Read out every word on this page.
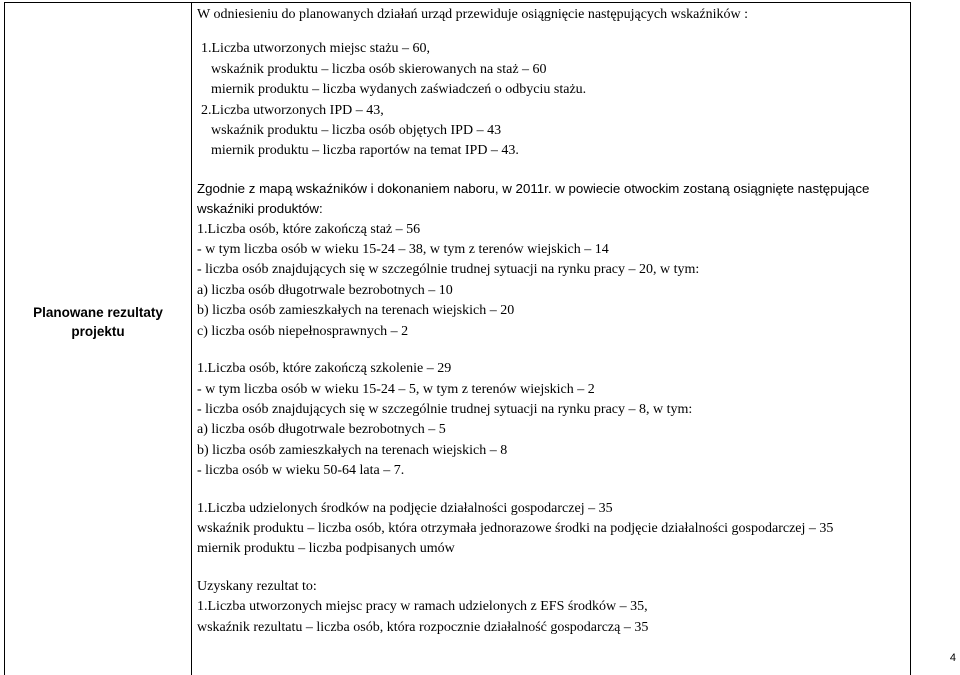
Planowane rezultaty
projektu
W odniesieniu do planowanych działań urząd przewiduje osiągnięcie następujących wskaźników :
1.Liczba utworzonych miejsc stażu – 60,
wskaźnik produktu – liczba osób skierowanych na staż – 60
miernik produktu – liczba wydanych zaświadczeń o odbyciu stażu.
2.Liczba utworzonych IPD – 43,
wskaźnik produktu – liczba osób objętych IPD – 43
miernik produktu – liczba raportów na temat IPD – 43.
Zgodnie z mapą wskaźników i dokonaniem naboru, w 2011r. w powiecie otwockim zostaną osiągnięte następujące
wskaźniki produktów:
1.Liczba osób, które zakończą staż – 56
- w tym liczba osób w wieku 15-24 – 38, w tym z terenów wiejskich – 14
- liczba osób znajdujących się w szczególnie trudnej sytuacji na rynku pracy – 20, w tym:
a) liczba osób długotrwale bezrobotnych – 10
b) liczba osób zamieszkałych na terenach wiejskich – 20
c) liczba osób niepełnosprawnych – 2
1.Liczba osób, które zakończą szkolenie – 29
- w tym liczba osób w wieku 15-24 – 5, w tym z terenów wiejskich – 2
- liczba osób znajdujących się w szczególnie trudnej sytuacji na rynku pracy – 8, w tym:
a) liczba osób długotrwale bezrobotnych – 5
b) liczba osób zamieszkałych na terenach wiejskich – 8
- liczba osób w wieku 50-64 lata – 7.
1.Liczba udzielonych środków na podjęcie działalności gospodarczej – 35
wskaźnik produktu – liczba osób, która otrzymała jednorazowe środki na podjęcie działalności gospodarczej – 35
miernik produktu – liczba podpisanych umów
Uzyskany rezultat to:
1.Liczba utworzonych miejsc pracy w ramach udzielonych z EFS środków – 35,
wskaźnik rezultatu – liczba osób, która rozpocznie działalność gospodarczą – 35
4
